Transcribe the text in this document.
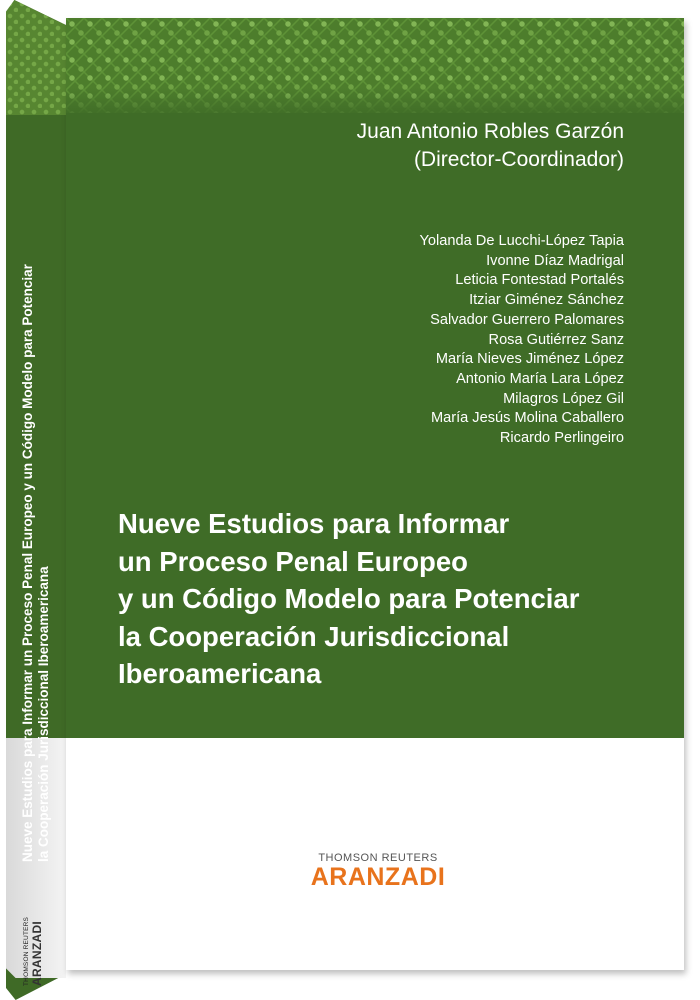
Nueve Estudios para Informar un Proceso Penal Europeo y un Código Modelo para Potenciar la Cooperación Jurisdiccional Iberoamericana
THOMSON REUTERS ARANZADI
Juan Antonio Robles Garzón
(Director-Coordinador)
Yolanda De Lucchi-López Tapia
Ivonne Díaz Madrigal
Leticia Fontestad Portalés
Itziar Giménez Sánchez
Salvador Guerrero Palomares
Rosa Gutiérrez Sanz
María Nieves Jiménez López
Antonio María Lara López
Milagros López Gil
María Jesús Molina Caballero
Ricardo Perlingeiro
Nueve Estudios para Informar
un Proceso Penal Europeo
y un Código Modelo para Potenciar
la Cooperación Jurisdiccional
Iberoamericana
THOMSON REUTERS
ARANZADI
